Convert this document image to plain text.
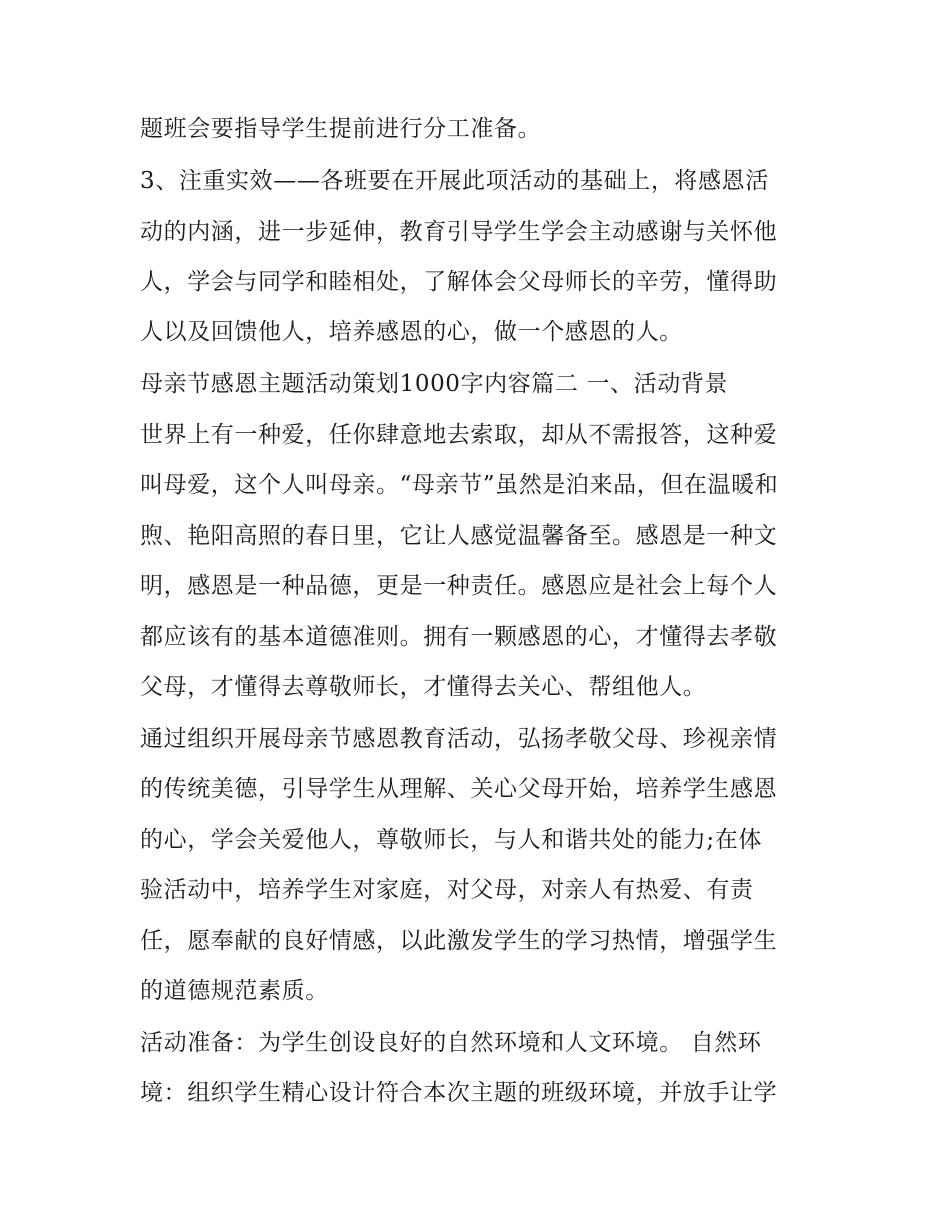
题班会要指导学生提前进行分工准备。
3、注重实效——各班要在开展此项活动的基础上，将感恩活
动的内涵，进一步延伸，教育引导学生学会主动感谢与关怀他
人，学会与同学和睦相处，了解体会父母师长的辛劳，懂得助
人以及回馈他人，培养感恩的心，做一个感恩的人。
母亲节感恩主题活动策划1000字内容篇二 一、活动背景
世界上有一种爱，任你肆意地去索取，却从不需报答，这种爱
叫母爱，这个人叫母亲。“母亲节”虽然是泊来品，但在温暖和
煦、艳阳高照的春日里，它让人感觉温馨备至。感恩是一种文
明，感恩是一种品德，更是一种责任。感恩应是社会上每个人
都应该有的基本道德准则。拥有一颗感恩的心，才懂得去孝敬
父母，才懂得去尊敬师长，才懂得去关心、帮组他人。
通过组织开展母亲节感恩教育活动，弘扬孝敬父母、珍视亲情
的传统美德，引导学生从理解、关心父母开始，培养学生感恩
的心，学会关爱他人，尊敬师长，与人和谐共处的能力;在体
验活动中，培养学生对家庭，对父母，对亲人有热爱、有责
任，愿奉献的良好情感，以此激发学生的学习热情，增强学生
的道德规范素质。
活动准备：为学生创设良好的自然环境和人文环境。 自然环
境：组织学生精心设计符合本次主题的班级环境，并放手让学
